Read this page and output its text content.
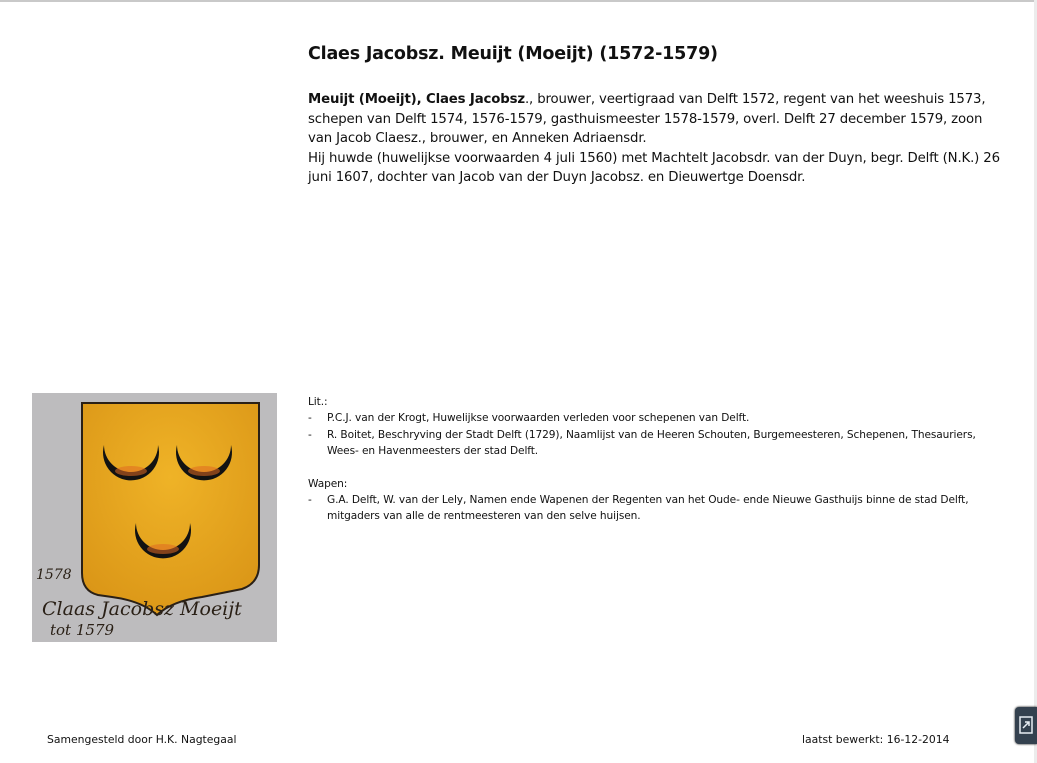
Claes Jacobsz. Meuijt (Moeijt) (1572-1579)

Meuijt (Moeijt), Claes Jacobsz., brouwer, veertigraad van Delft 1572, regent van het weeshuis 1573, schepen van Delft 1574, 1576-1579, gasthuismeester 1578-1579, overl. Delft 27 december 1579, zoon van Jacob Claesz., brouwer, en Anneken Adriaensdr.

Hij huwde (huwelijkse voorwaarden 4 juli 1560) met Machtelt Jacobsdr. van der Duyn, begr. Delft (N.K.) 26 juni 1607, dochter van Jacob van der Duyn Jacobsz. en Dieuwertge Doensdr.

1578
Claas Jacobsz Moeijt
tot 1579

Lit.:

- P.C.J. van der Krogt, Huwelijkse voorwaarden verleden voor schepenen van Delft.
- R. Boitet, Beschryving der Stadt Delft (1729), Naamlijst van de Heeren Schouten, Burgemeesteren, Schepenen, Thesauriers, Wees- en Havenmeesters der stad Delft.

Wapen:

- G.A. Delft, W. van der Lely, Namen ende Wapenen der Regenten van het Oude- ende Nieuwe Gasthuijs binne de stad Delft, mitgaders van alle de rentmeesteren van den selve huijsen.
Samengesteld door H.K. Nagtegaal	laatst bewerkt: 16-12-2014
